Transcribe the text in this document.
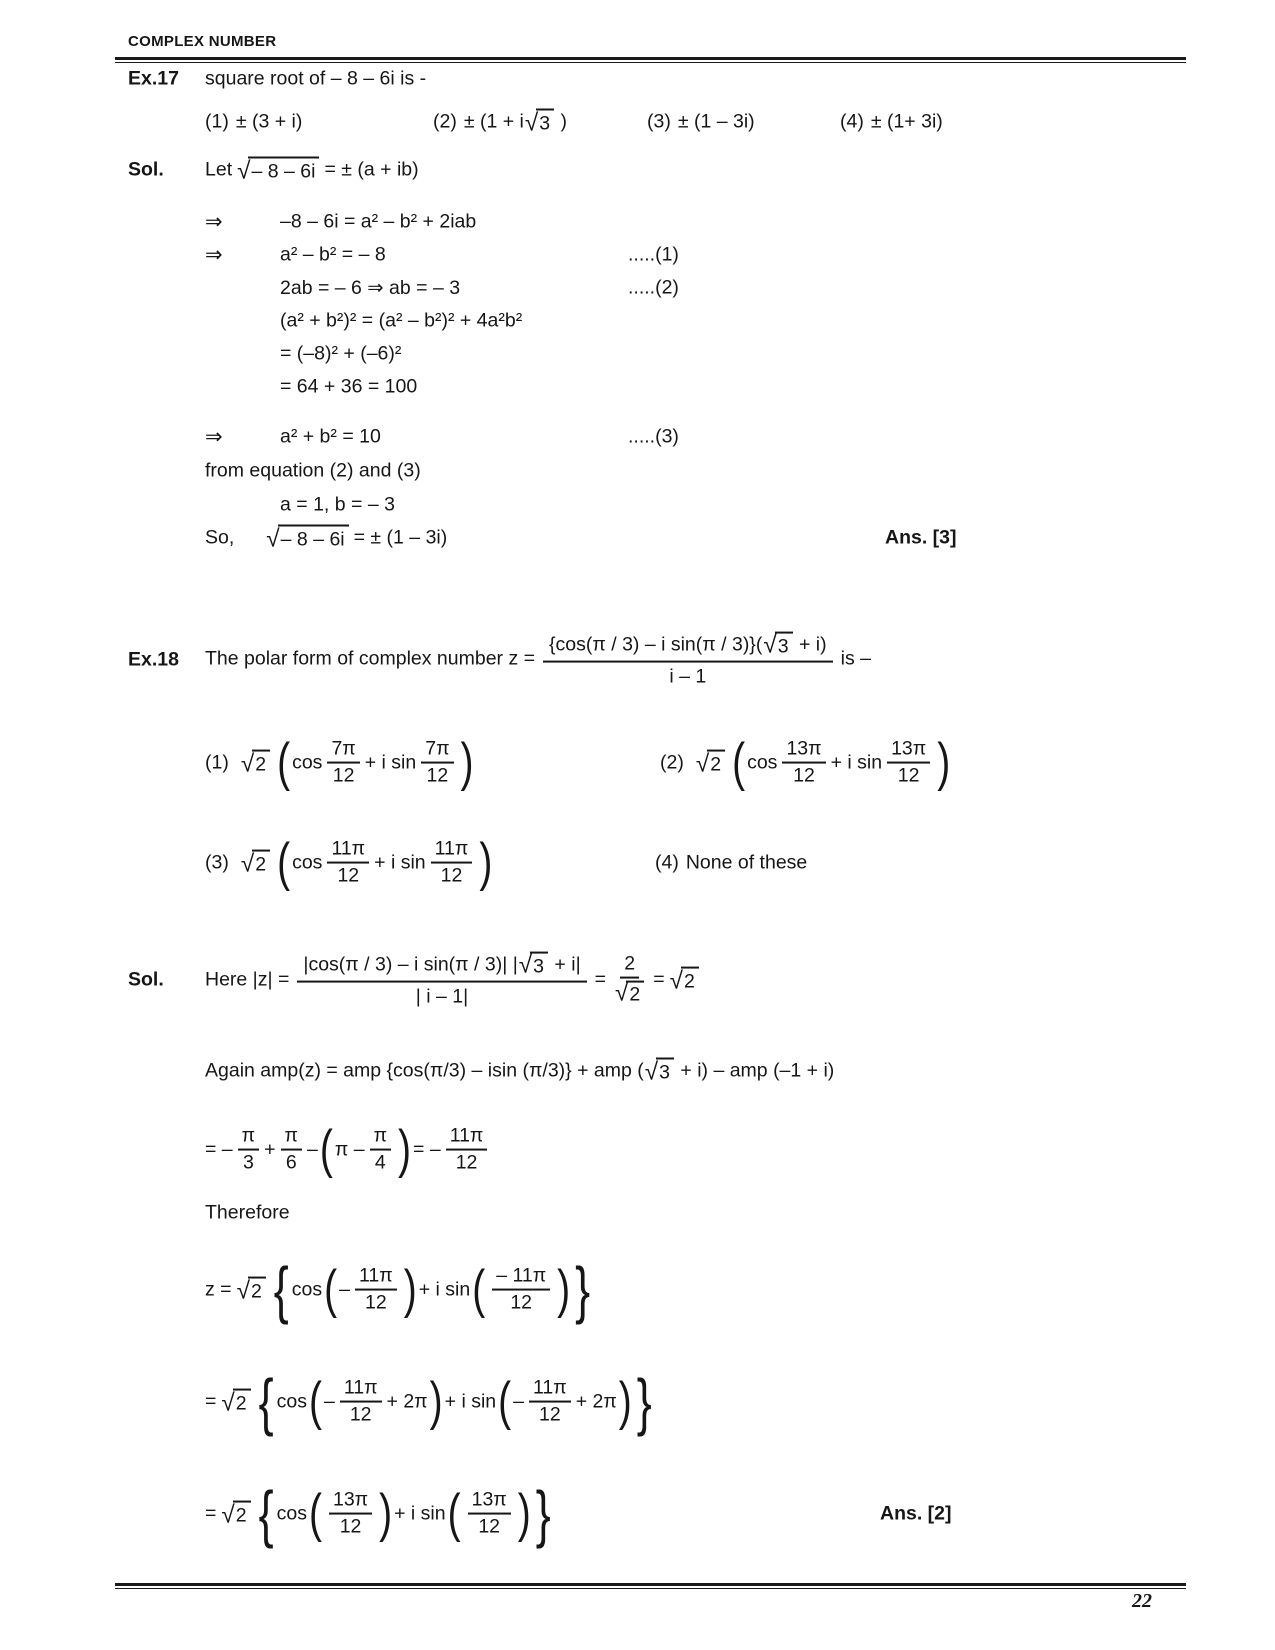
COMPLEX NUMBER
Ex.17 square root of – 8 – 6i is -
(1) ± (3 + i)	(2) ± (1 + i √ 3 )	(3) ± (1 – 3i)	(4) ± (1+ 3i)
Sol. Let √ – 8 – 6i = ± (a + ib)
⇒	–8 – 6i = a² – b² + 2iab
⇒	a² – b² = – 8	.....(1)
2ab = – 6 ⇒ ab = – 3	.....(2)
(a² + b²)² = (a² – b²)² + 4a²b²
= (–8)² + (–6)²
= 64 + 36 = 100
⇒	a² + b² = 10	.....(3)
from equation (2) and (3)
a = 1, b = – 3
So, √ – 8 – 6i = ± (1 – 3i)	Ans. [3]
Ex.18 The polar form of complex number $z = \frac{\text{\{cos(π / 3) – i sin(π / 3)\}( √ 3 + i)}}{i - 1}$ is –
(1) √ 2 ( $\cos \frac{7\pi}{12} + i$ $\sin \frac{7\pi}{12}$ )	(2) √ 2 ( $\cos \frac{13\pi}{12} + i$ $\sin \frac{13\pi}{12}$ )
(3) √ 2 ( $\cos \frac{11\pi}{12} + i$ $\sin \frac{11\pi}{12}$ )	(4) None of these
Sol. Here $|z| = \frac{\text{|cos(π / 3) – i sin(π / 3)| | √ 3 + i|}}{| i - 1|} = \frac{2}{√ 2}$ = √ 2
Again amp(z) = amp {cos(π/3) – isin (π/3)} + amp ( √ 3 + i) – amp (–1 + i)
= – $\frac{\pi}{3} + \frac{\pi}{6}$ – ( π – $\frac{\pi}{4}$ ) = – $\frac{11\pi}{12}$
Therefore
z = √ 2 { cos ( – $\frac{11\pi}{12}$ ) + i sin ( $\frac{- 11\pi}{12}$ ) }
= √ 2 { cos ( – $\frac{11\pi}{12} + 2\pi$ ) + i sin ( – $\frac{11\pi}{12} + 2\pi$ ) }
= √ 2 { cos ( $\frac{13\pi}{12}$ ) + i sin ( $\frac{13\pi}{12}$ ) }	Ans. [2]
22
